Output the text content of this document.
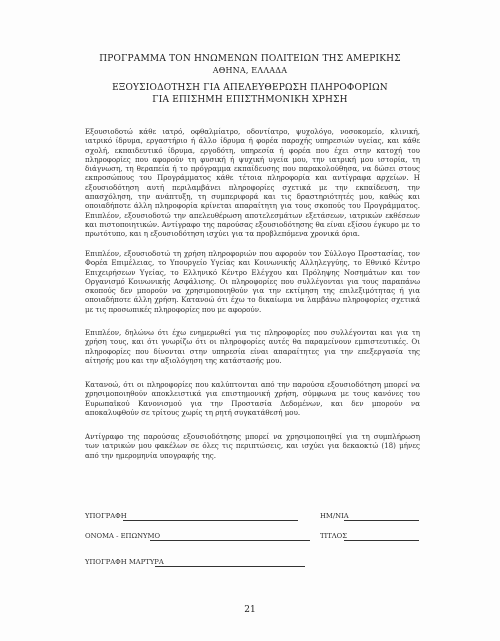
ΠΡΟΓΡΑΜΜΑ ΤΟΝ ΗΝΩΜΕΝΩΝ ΠΟΛΙΤΕΙΩΝ ΤΗΣ ΑΜΕΡΙΚΗΣ
ΑΘΗΝΑ, ΕΛΛΑΔΑ
ΕΞΟΥΣΙΟΔΟΤΗΣΗ ΓΙΑ ΑΠΕΛΕΥΘΕΡΩΣΗ ΠΛΗΡΟΦΟΡΙΩΝ
ΓΙΑ ΕΠΙΣΗΜΗ ΕΠΙΣΤΗΜΟΝΙΚΗ ΧΡΗΣΗ
Εξουσιοδοτώ κάθε ιατρό, οφθαλμίατρο, οδοντίατρο, ψυχολόγο, νοσοκομείο, κλινική, ιατρικό ίδρυμα, εργαστήριο ή άλλο ίδρυμα ή φορέα παροχής υπηρεσιών υγείας, και κάθε σχολή, εκπαιδευτικό ίδρυμα, εργοδότη, υπηρεσία ή φορέα που έχει στην κατοχή του πληροφορίες που αφορούν τη φυσική ή ψυχική υγεία μου, την ιατρική μου ιστορία, τη διάγνωση, τη θεραπεία ή το πρόγραμμα εκπαίδευσης που παρακολούθησα, να δώσει στους εκπροσώπους του Προγράμματος κάθε τέτοια πληροφορία και αντίγραφα αρχείων. Η εξουσιοδότηση αυτή περιλαμβάνει πληροφορίες σχετικά με την εκπαίδευση, την απασχόληση, την ανάπτυξη, τη συμπεριφορά και τις δραστηριότητές μου, καθώς και οποιαδήποτε άλλη πληροφορία κρίνεται απαραίτητη για τους σκοπούς του Προγράμματος. Επιπλέον, εξουσιοδοτώ την απελευθέρωση αποτελεσμάτων εξετάσεων, ιατρικών εκθέσεων και πιστοποιητικών. Αντίγραφο της παρούσας εξουσιοδότησης θα είναι εξίσου έγκυρο με το πρωτότυπο, και η εξουσιοδότηση ισχύει για τα προβλεπόμενα χρονικά όρια.
Επιπλέον, εξουσιοδοτώ τη χρήση πληροφοριών που αφορούν τον Σύλλογο Προστασίας, τον Φορέα Επιμέλειας, το Υπουργείο Υγείας και Κοινωνικής Αλληλεγγύης, το Εθνικό Κέντρο Επιχειρήσεων Υγείας, το Ελληνικό Κέντρο Ελέγχου και Πρόληψης Νοσημάτων και τον Οργανισμό Κοινωνικής Ασφάλισης. Οι πληροφορίες που συλλέγονται για τους παραπάνω σκοπούς δεν μπορούν να χρησιμοποιηθούν για την εκτίμηση της επιλεξιμότητας ή για οποιαδήποτε άλλη χρήση. Κατανοώ ότι έχω το δικαίωμα να λαμβάνω πληροφορίες σχετικά με τις προσωπικές πληροφορίες που με αφορούν.
Επιπλέον, δηλώνω ότι έχω ενημερωθεί για τις πληροφορίες που συλλέγονται και για τη χρήση τους, και ότι γνωρίζω ότι οι πληροφορίες αυτές θα παραμείνουν εμπιστευτικές. Οι πληροφορίες που δίνονται στην υπηρεσία είναι απαραίτητες για την επεξεργασία της αίτησής μου και την αξιολόγηση της κατάστασής μου.
Κατανοώ, ότι οι πληροφορίες που καλύπτονται από την παρούσα εξουσιοδότηση μπορεί να χρησιμοποιηθούν αποκλειστικά για επιστημονική χρήση, σύμφωνα με τους κανόνες του Ευρωπαϊκού Κανονισμού για την Προστασία Δεδομένων, και δεν μπορούν να αποκαλυφθούν σε τρίτους χωρίς τη ρητή συγκατάθεσή μου.
Αντίγραφο της παρούσας εξουσιοδότησης μπορεί να χρησιμοποιηθεί για τη συμπλήρωση των ιατρικών μου φακέλων σε όλες τις περιπτώσεις, και ισχύει για δεκαοκτώ (18) μήνες από την ημερομηνία υπογραφής της.
ΥΠΟΓΡΑΦΗ	ΗΜ/ΝΙΑ
ΟΝΟΜΑ - ΕΠΩΝΥΜΟ	ΤΙΤΛΟΣ
ΥΠΟΓΡΑΦΗ ΜΑΡΤΥΡΑ
21
